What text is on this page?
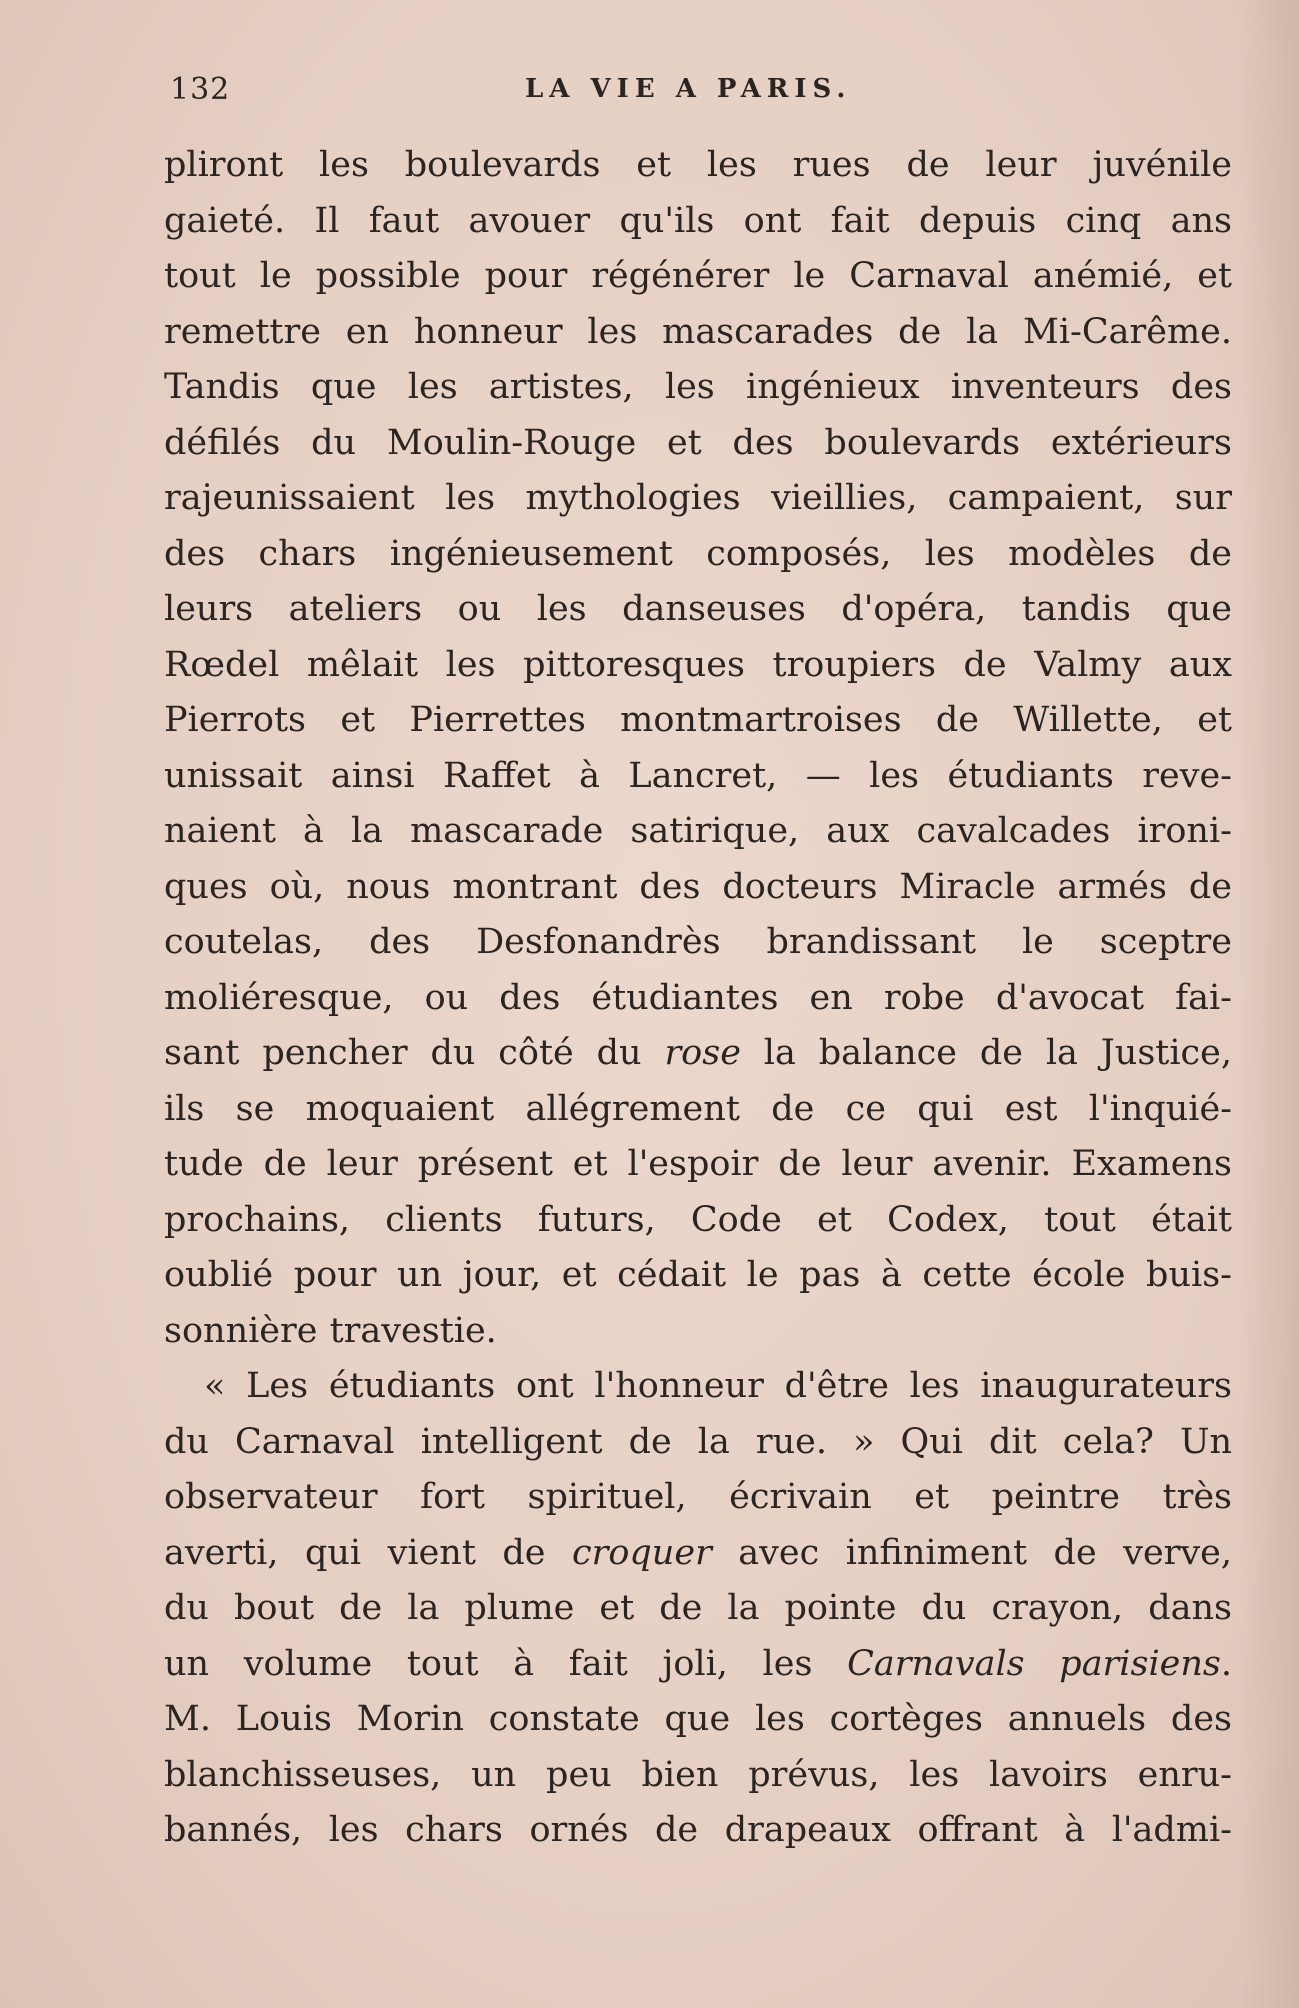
132	LA VIE A PARIS.
pliront les boulevards et les rues de leur juvénile
gaieté. Il faut avouer qu'ils ont fait depuis cinq ans
tout le possible pour régénérer le Carnaval anémié, et
remettre en honneur les mascarades de la Mi-Carême.
Tandis que les artistes, les ingénieux inventeurs des
défilés du Moulin-Rouge et des boulevards extérieurs
rajeunissaient les mythologies vieillies, campaient, sur
des chars ingénieusement composés, les modèles de
leurs ateliers ou les danseuses d'opéra, tandis que
Rœdel mêlait les pittoresques troupiers de Valmy aux
Pierrots et Pierrettes montmartroises de Willette, et
unissait ainsi Raffet à Lancret, — les étudiants reve-
naient à la mascarade satirique, aux cavalcades ironi-
ques où, nous montrant des docteurs Miracle armés de
coutelas, des Desfonandrès brandissant le sceptre
moliéresque, ou des étudiantes en robe d'avocat fai-
sant pencher du côté du rose la balance de la Justice,
ils se moquaient allégrement de ce qui est l'inquié-
tude de leur présent et l'espoir de leur avenir. Examens
prochains, clients futurs, Code et Codex, tout était
oublié pour un jour, et cédait le pas à cette école buis-
sonnière travestie.
« Les étudiants ont l'honneur d'être les inaugurateurs
du Carnaval intelligent de la rue. » Qui dit cela? Un
observateur fort spirituel, écrivain et peintre très
averti, qui vient de croquer avec infiniment de verve,
du bout de la plume et de la pointe du crayon, dans
un volume tout à fait joli, les Carnavals parisiens.
M. Louis Morin constate que les cortèges annuels des
blanchisseuses, un peu bien prévus, les lavoirs enru-
bannés, les chars ornés de drapeaux offrant à l'admi-
